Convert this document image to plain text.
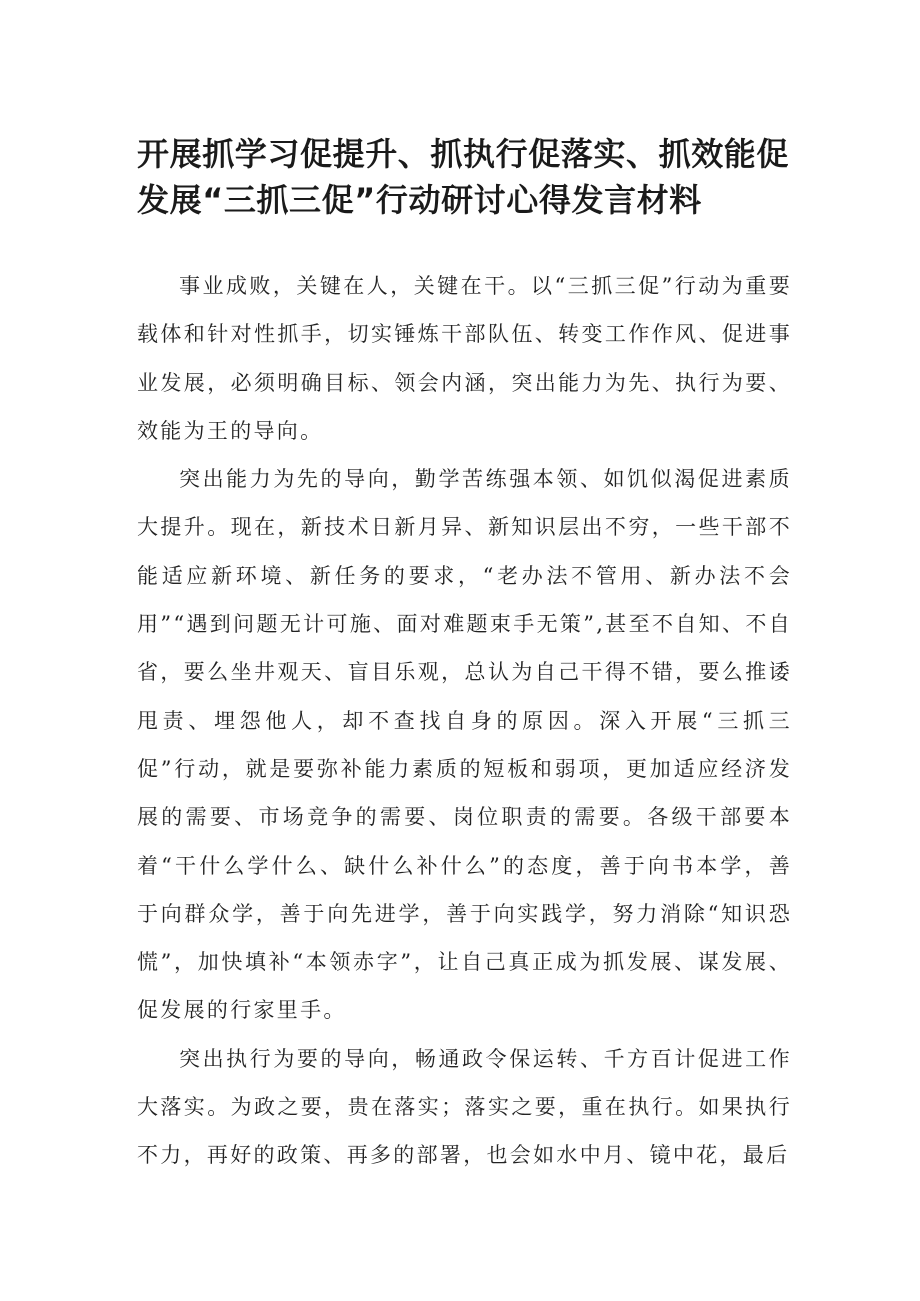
开展抓学习促提升、抓执行促落实、抓效能促发展“三抓三促”行动研讨心得发言材料

事业成败，关键在人，关键在干。以“三抓三促”行动为重要载体和针对性抓手，切实锤炼干部队伍、转变工作作风、促进事业发展，必须明确目标、领会内涵，突出能力为先、执行为要、效能为王的导向。

突出能力为先的导向，勤学苦练强本领、如饥似渴促进素质大提升。现在，新技术日新月异、新知识层出不穷，一些干部不能适应新环境、新任务的要求，“老办法不管用、新办法不会用”“遇到问题无计可施、面对难题束手无策”,甚至不自知、不自省，要么坐井观天、盲目乐观，总认为自己干得不错，要么推诿甩责、埋怨他人，却不查找自身的原因。深入开展“三抓三促”行动，就是要弥补能力素质的短板和弱项，更加适应经济发展的需要、市场竞争的需要、岗位职责的需要。各级干部要本着“干什么学什么、缺什么补什么”的态度，善于向书本学，善于向群众学，善于向先进学，善于向实践学，努力消除“知识恐慌”，加快填补“本领赤字”，让自己真正成为抓发展、谋发展、促发展的行家里手。

突出执行为要的导向，畅通政令保运转、千方百计促进工作大落实。为政之要，贵在落实；落实之要，重在执行。如果执行不力，再好的政策、再多的部署，也会如水中月、镜中花，最后
